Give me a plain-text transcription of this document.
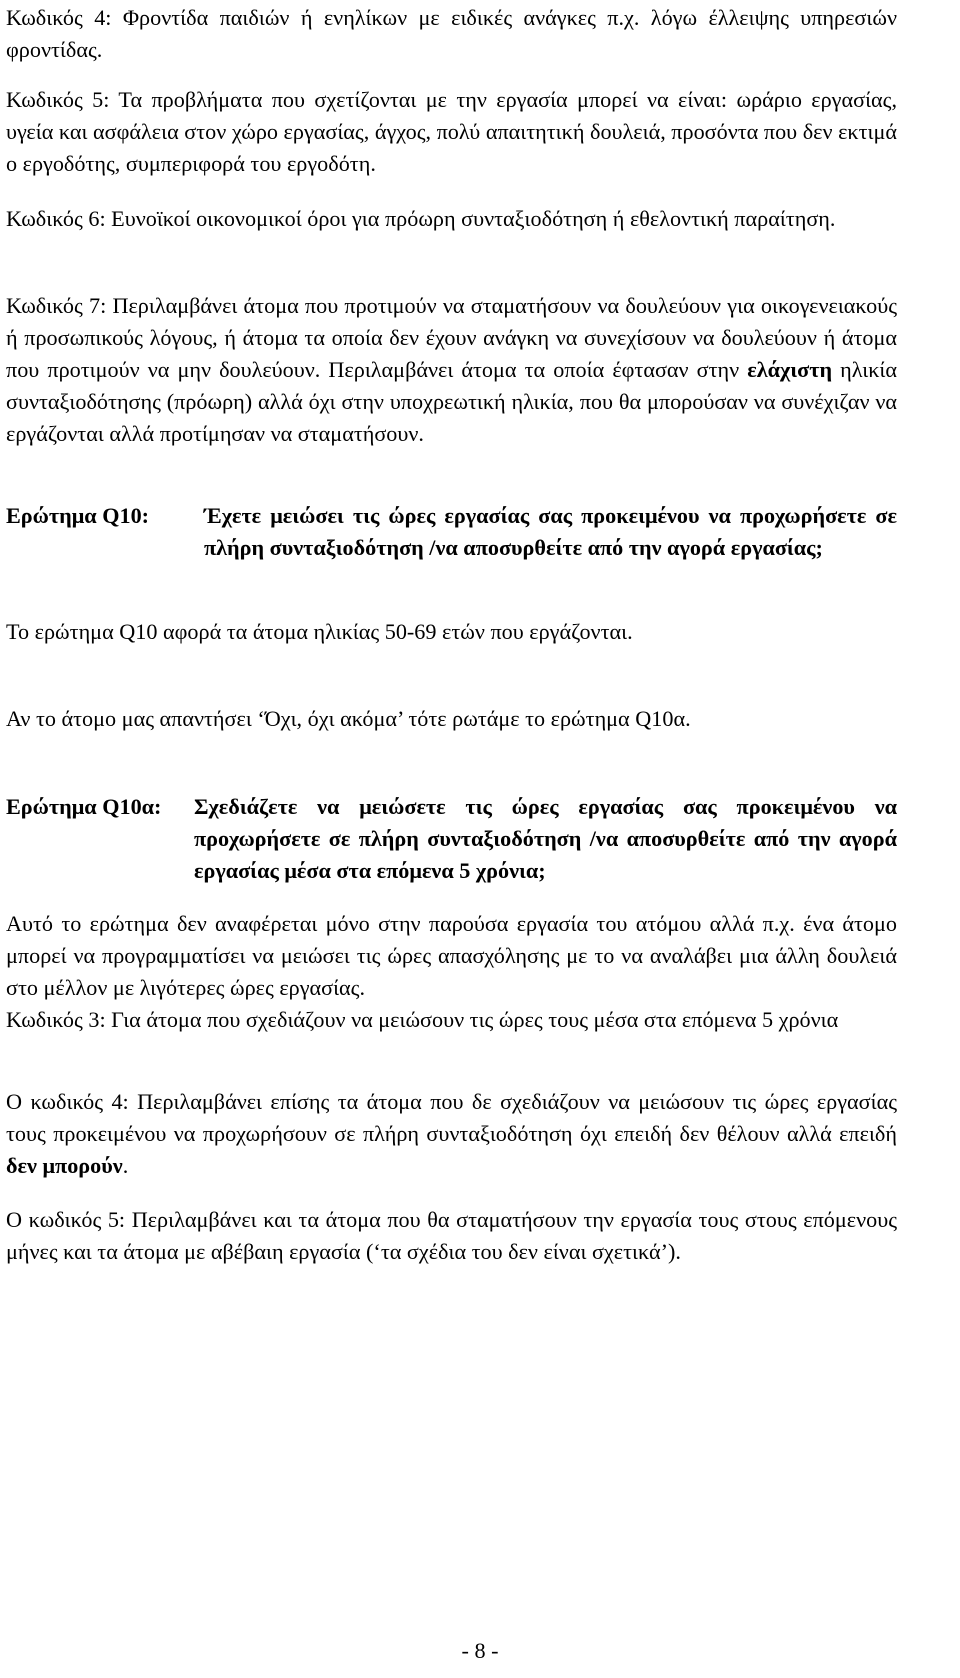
Κωδικός 4: Φροντίδα παιδιών ή ενηλίκων με ειδικές ανάγκες π.χ. λόγω έλλειψης υπηρεσιών φροντίδας.

Κωδικός 5: Τα προβλήματα που σχετίζονται με την εργασία μπορεί να είναι: ωράριο εργασίας, υγεία και ασφάλεια στον χώρο εργασίας, άγχος, πολύ απαιτητική δουλειά, προσόντα που δεν εκτιμά ο εργοδότης, συμπεριφορά του εργοδότη.

Κωδικός 6: Ευνοϊκοί οικονομικοί όροι για πρόωρη συνταξιοδότηση ή εθελοντική παραίτηση.

Κωδικός 7: Περιλαμβάνει άτομα που προτιμούν να σταματήσουν να δουλεύουν για οικογενειακούς ή προσωπικούς λόγους, ή άτομα τα οποία δεν έχουν ανάγκη να συνεχίσουν να δουλεύουν ή άτομα που προτιμούν να μην δουλεύουν. Περιλαμβάνει άτομα τα οποία έφτασαν στην ελάχιστη ηλικία συνταξιοδότησης (πρόωρη) αλλά όχι στην υποχρεωτική ηλικία, που θα μπορούσαν να συνέχιζαν να εργάζονται αλλά προτίμησαν να σταματήσουν.

Ερώτημα Q10:	Έχετε μειώσει τις ώρες εργασίας σας προκειμένου να προχωρήσετε σε πλήρη συνταξιοδότηση /να αποσυρθείτε από την αγορά εργασίας;

Το ερώτημα Q10 αφορά τα άτομα ηλικίας 50-69 ετών που εργάζονται.

Αν το άτομο μας απαντήσει ‘Όχι, όχι ακόμα’ τότε ρωτάμε το ερώτημα Q10α.

Ερώτημα Q10α:	Σχεδιάζετε να μειώσετε τις ώρες εργασίας σας προκειμένου να προχωρήσετε σε πλήρη συνταξιοδότηση /να αποσυρθείτε από την αγορά εργασίας μέσα στα επόμενα 5 χρόνια;

Αυτό το ερώτημα δεν αναφέρεται μόνο στην παρούσα εργασία του ατόμου αλλά π.χ. ένα άτομο μπορεί να προγραμματίσει να μειώσει τις ώρες απασχόλησης με το να αναλάβει μια άλλη δουλειά στο μέλλον με λιγότερες ώρες εργασίας.

Κωδικός 3: Για άτομα που σχεδιάζουν να μειώσουν τις ώρες τους μέσα στα επόμενα 5 χρόνια

Ο κωδικός 4: Περιλαμβάνει επίσης τα άτομα που δε σχεδιάζουν να μειώσουν τις ώρες εργασίας τους προκειμένου να προχωρήσουν σε πλήρη συνταξιοδότηση όχι επειδή δεν θέλουν αλλά επειδή δεν μπορούν.

Ο κωδικός 5: Περιλαμβάνει και τα άτομα που θα σταματήσουν την εργασία τους στους επόμενους μήνες και τα άτομα με αβέβαιη εργασία (‘τα σχέδια του δεν είναι σχετικά’).

- 8 -
